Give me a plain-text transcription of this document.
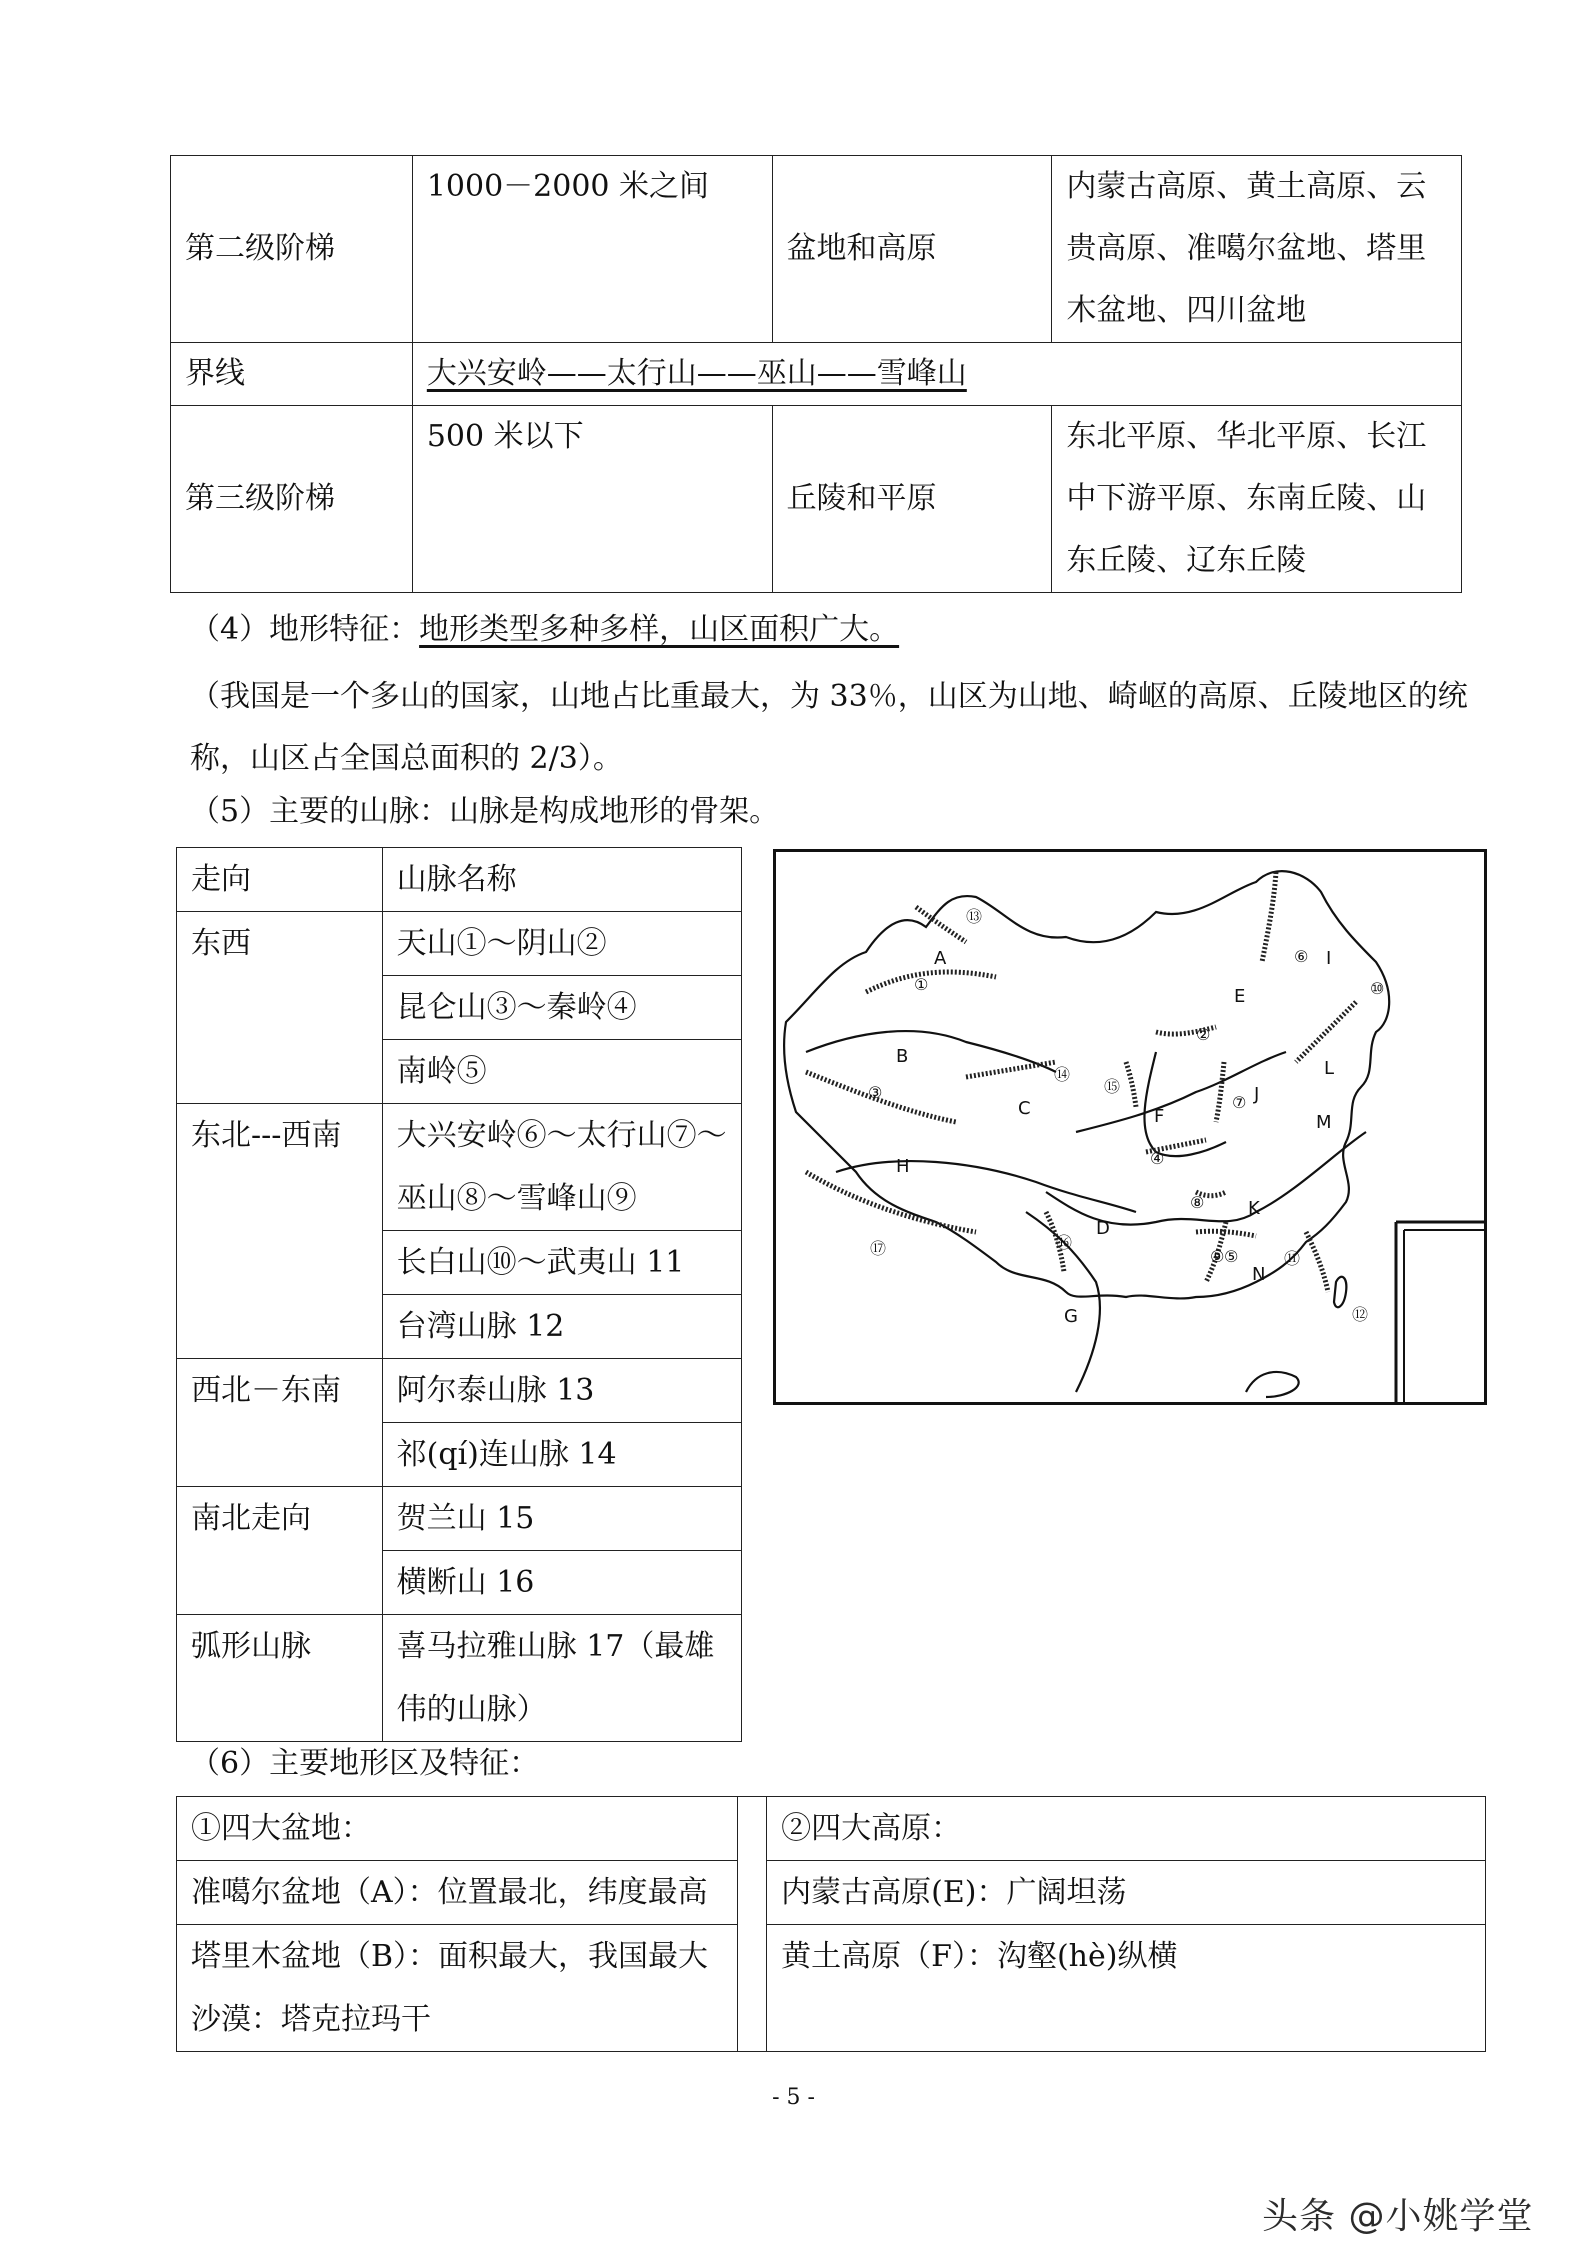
第二级阶梯	1000－2000 米之间	盆地和高原	内蒙古高原、黄土高原、云贵高原、准噶尔盆地、塔里木盆地、四川盆地
界线	大兴安岭——太行山——巫山——雪峰山		
第三级阶梯	500 米以下	丘陵和平原	东北平原、华北平原、长江中下游平原、东南丘陵、山东丘陵、辽东丘陵
（4）地形特征：地形类型多种多样，山区面积广大。
（我国是一个多山的国家，山地占比重最大，为 33％，山区为山地、崎岖的高原、丘陵地区的统称，山区占全国总面积的 2/3）。
（5）主要的山脉：山脉是构成地形的骨架。
走向	山脉名称
东西	天山①～阴山②
	昆仑山③～秦岭④
	南岭⑤
东北---西南	大兴安岭⑥～太行山⑦～巫山⑧～雪峰山⑨
	长白山⑩～武夷山 11
	台湾山脉 12
西北－东南	阿尔泰山脉 13
	祁(qí)连山脉 14
南北走向	贺兰山 15
	横断山 16
弧形山脉	喜马拉雅山脉 17（最雄伟的山脉）
A
B
C
D
E
F
G
H
I
J
K
L
M
N
①
②
③
④
⑤
⑥
⑦
⑧
⑨
⑩
⑪
⑫
⑬
⑭
⑮
⑯
⑰
（6）主要地形区及特征：
①四大盆地：		②四大高原：
准噶尔盆地（A）：位置最北，纬度最高		内蒙古高原(E)：广阔坦荡
塔里木盆地（B）：面积最大，我国最大沙漠：塔克拉玛干		黄土高原（F）：沟壑(hè)纵横
- 5 -
头条 @小姚学堂
